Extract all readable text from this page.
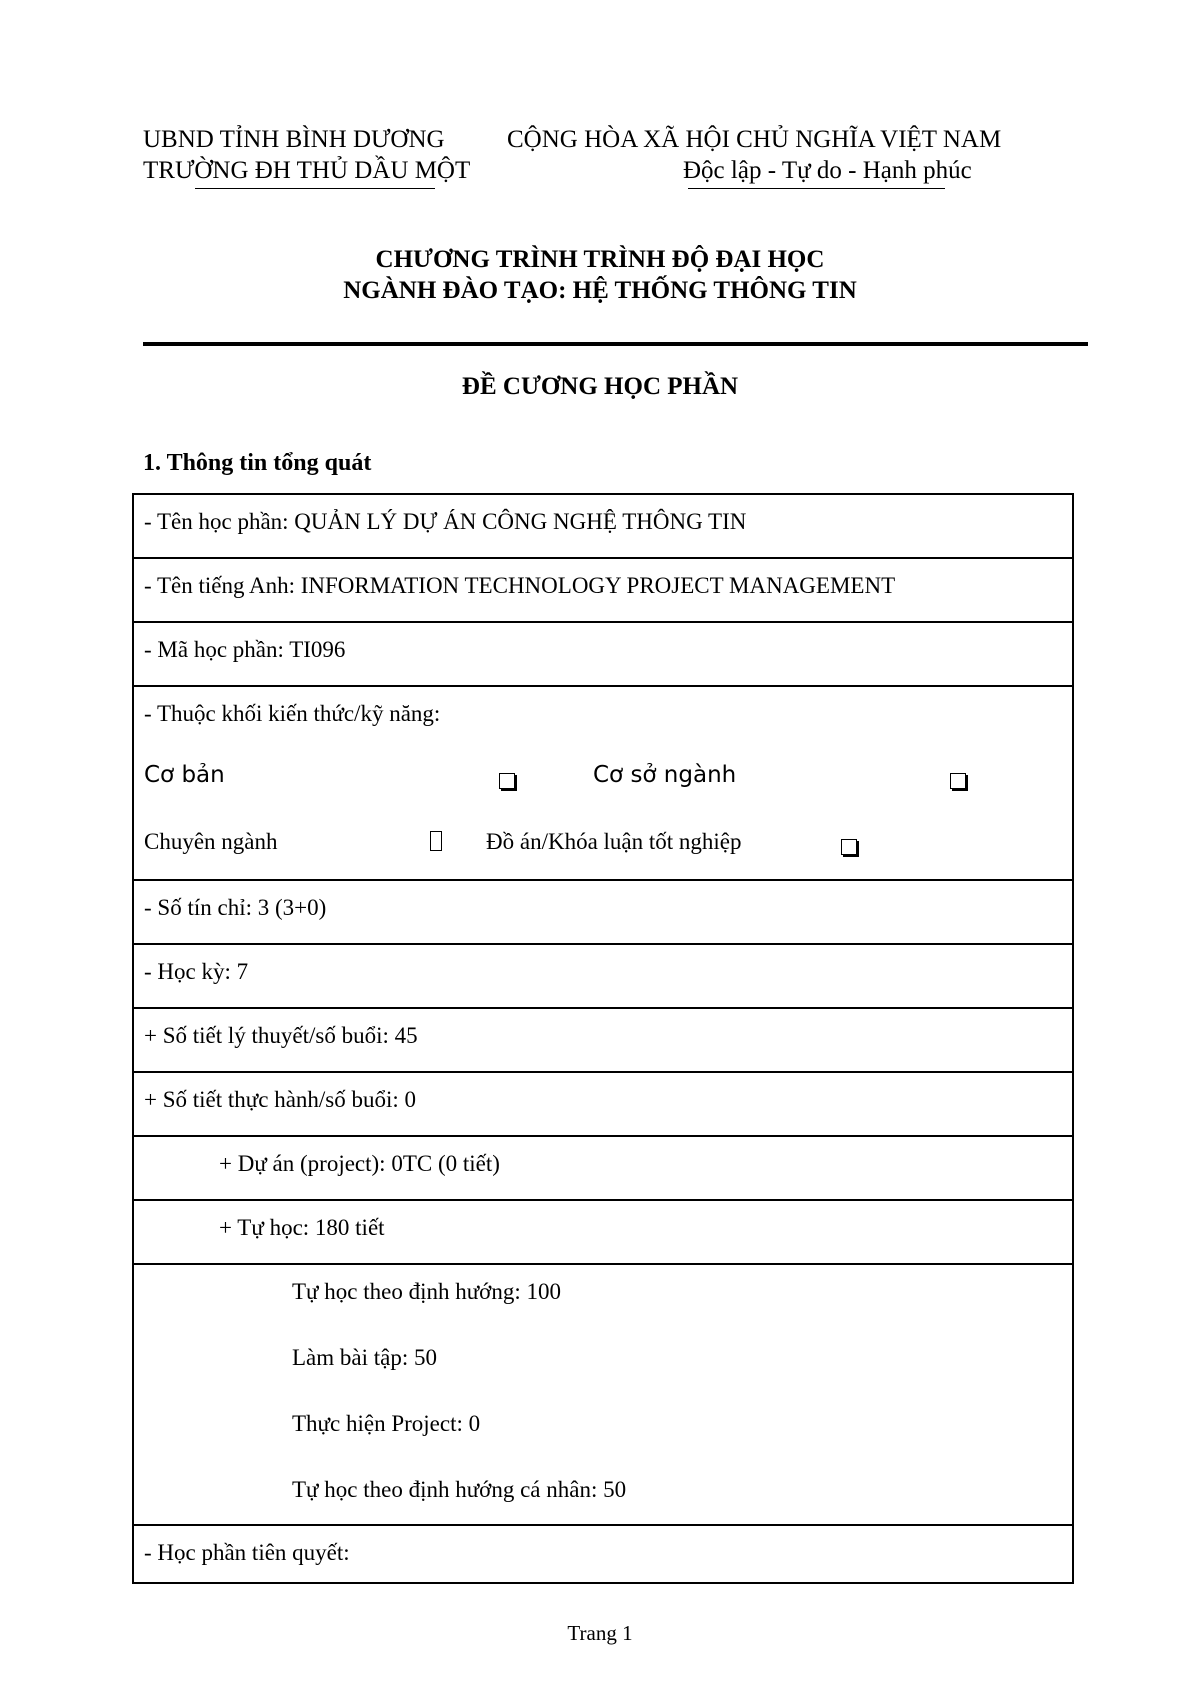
UBND TỈNH BÌNH DƯƠNG CỘNG HÒA XÃ HỘI CHỦ NGHĨA VIỆT NAM
TRƯỜNG ĐH THỦ DẦU MỘT	Độc lập - Tự do - Hạnh phúc
CHƯƠNG TRÌNH TRÌNH ĐỘ ĐẠI HỌC
NGÀNH ĐÀO TẠO: HỆ THỐNG THÔNG TIN
ĐỀ CƯƠNG HỌC PHẦN
1. Thông tin tổng quát
- Tên học phần: QUẢN LÝ DỰ ÁN CÔNG NGHỆ THÔNG TIN
- Tên tiếng Anh: INFORMATION TECHNOLOGY PROJECT MANAGEMENT
- Mã học phần: TI096
- Thuộc khối kiến thức/kỹ năng:
Cơ bản	Cơ sở ngành
Chuyên ngành	Đồ án/Khóa luận tốt nghiệp
- Số tín chỉ: 3 (3+0)
- Học kỳ: 7
+ Số tiết lý thuyết/số buổi: 45
+ Số tiết thực hành/số buổi: 0
+ Dự án (project): 0TC (0 tiết)
+ Tự học: 180 tiết
Tự học theo định hướng: 100
Làm bài tập: 50
Thực hiện Project: 0
Tự học theo định hướng cá nhân: 50
- Học phần tiên quyết:
Trang 1
